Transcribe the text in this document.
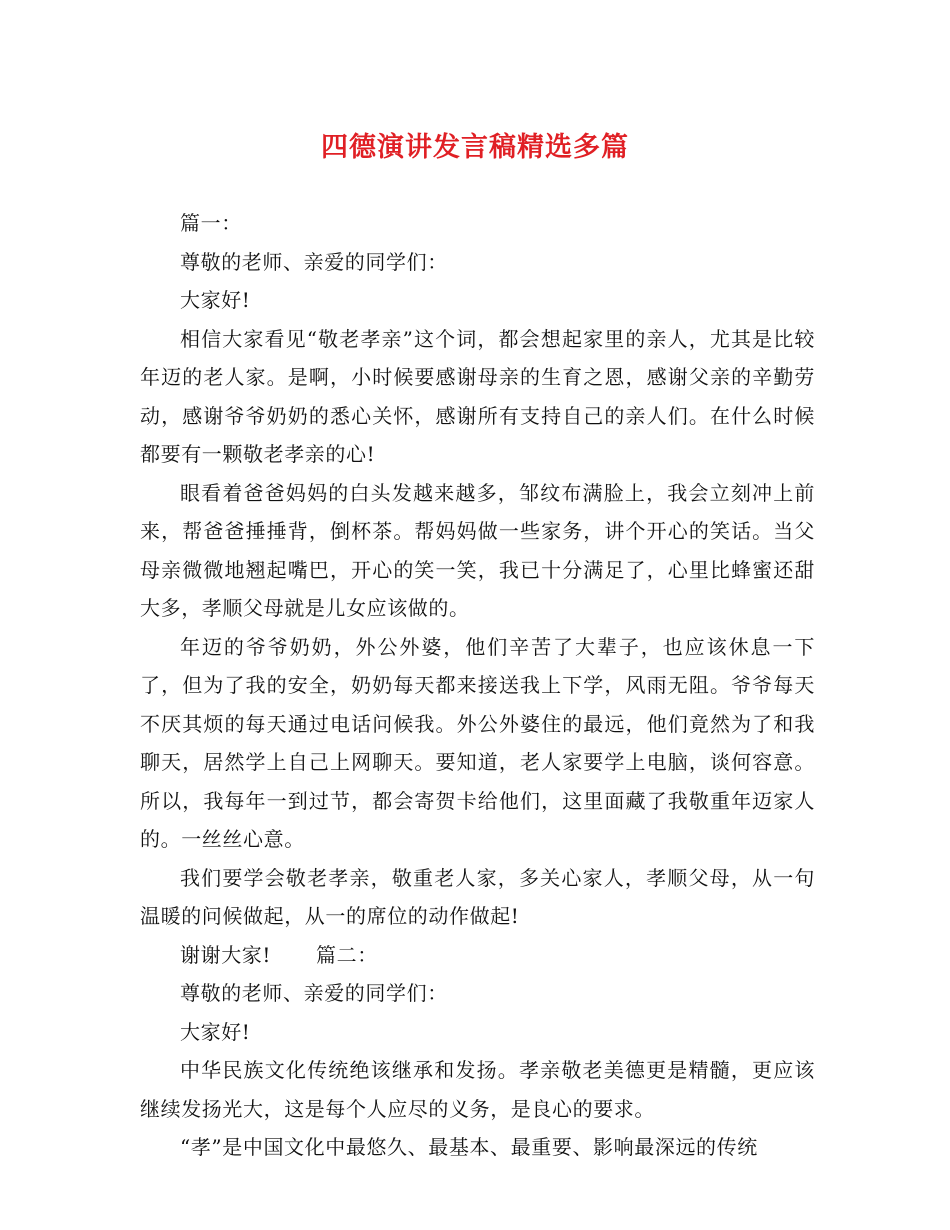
四德演讲发言稿精选多篇

篇一：

尊敬的老师、亲爱的同学们：

大家好!

相信大家看见“敬老孝亲”这个词，都会想起家里的亲人，尤其是比较年迈的老人家。是啊，小时候要感谢母亲的生育之恩，感谢父亲的辛勤劳动，感谢爷爷奶奶的悉心关怀，感谢所有支持自己的亲人们。在什么时候都要有一颗敬老孝亲的心!

眼看着爸爸妈妈的白头发越来越多，邹纹布满脸上，我会立刻冲上前来，帮爸爸捶捶背，倒杯茶。帮妈妈做一些家务，讲个开心的笑话。当父母亲微微地翘起嘴巴，开心的笑一笑，我已十分满足了，心里比蜂蜜还甜大多，孝顺父母就是儿女应该做的。

年迈的爷爷奶奶，外公外婆，他们辛苦了大辈子，也应该休息一下了，但为了我的安全，奶奶每天都来接送我上下学，风雨无阻。爷爷每天不厌其烦的每天通过电话问候我。外公外婆住的最远，他们竟然为了和我聊天，居然学上自己上网聊天。要知道，老人家要学上电脑，谈何容意。所以，我每年一到过节，都会寄贺卡给他们，这里面藏了我敬重年迈家人的。一丝丝心意。

我们要学会敬老孝亲，敬重老人家，多关心家人，孝顺父母，从一句温暖的问候做起，从一的席位的动作做起!

谢谢大家! 篇二：

尊敬的老师、亲爱的同学们：

大家好!

中华民族文化传统绝该继承和发扬。孝亲敬老美德更是精髓，更应该继续发扬光大，这是每个人应尽的义务，是良心的要求。

“孝”是中国文化中最悠久、最基本、最重要、影响最深远的传统
